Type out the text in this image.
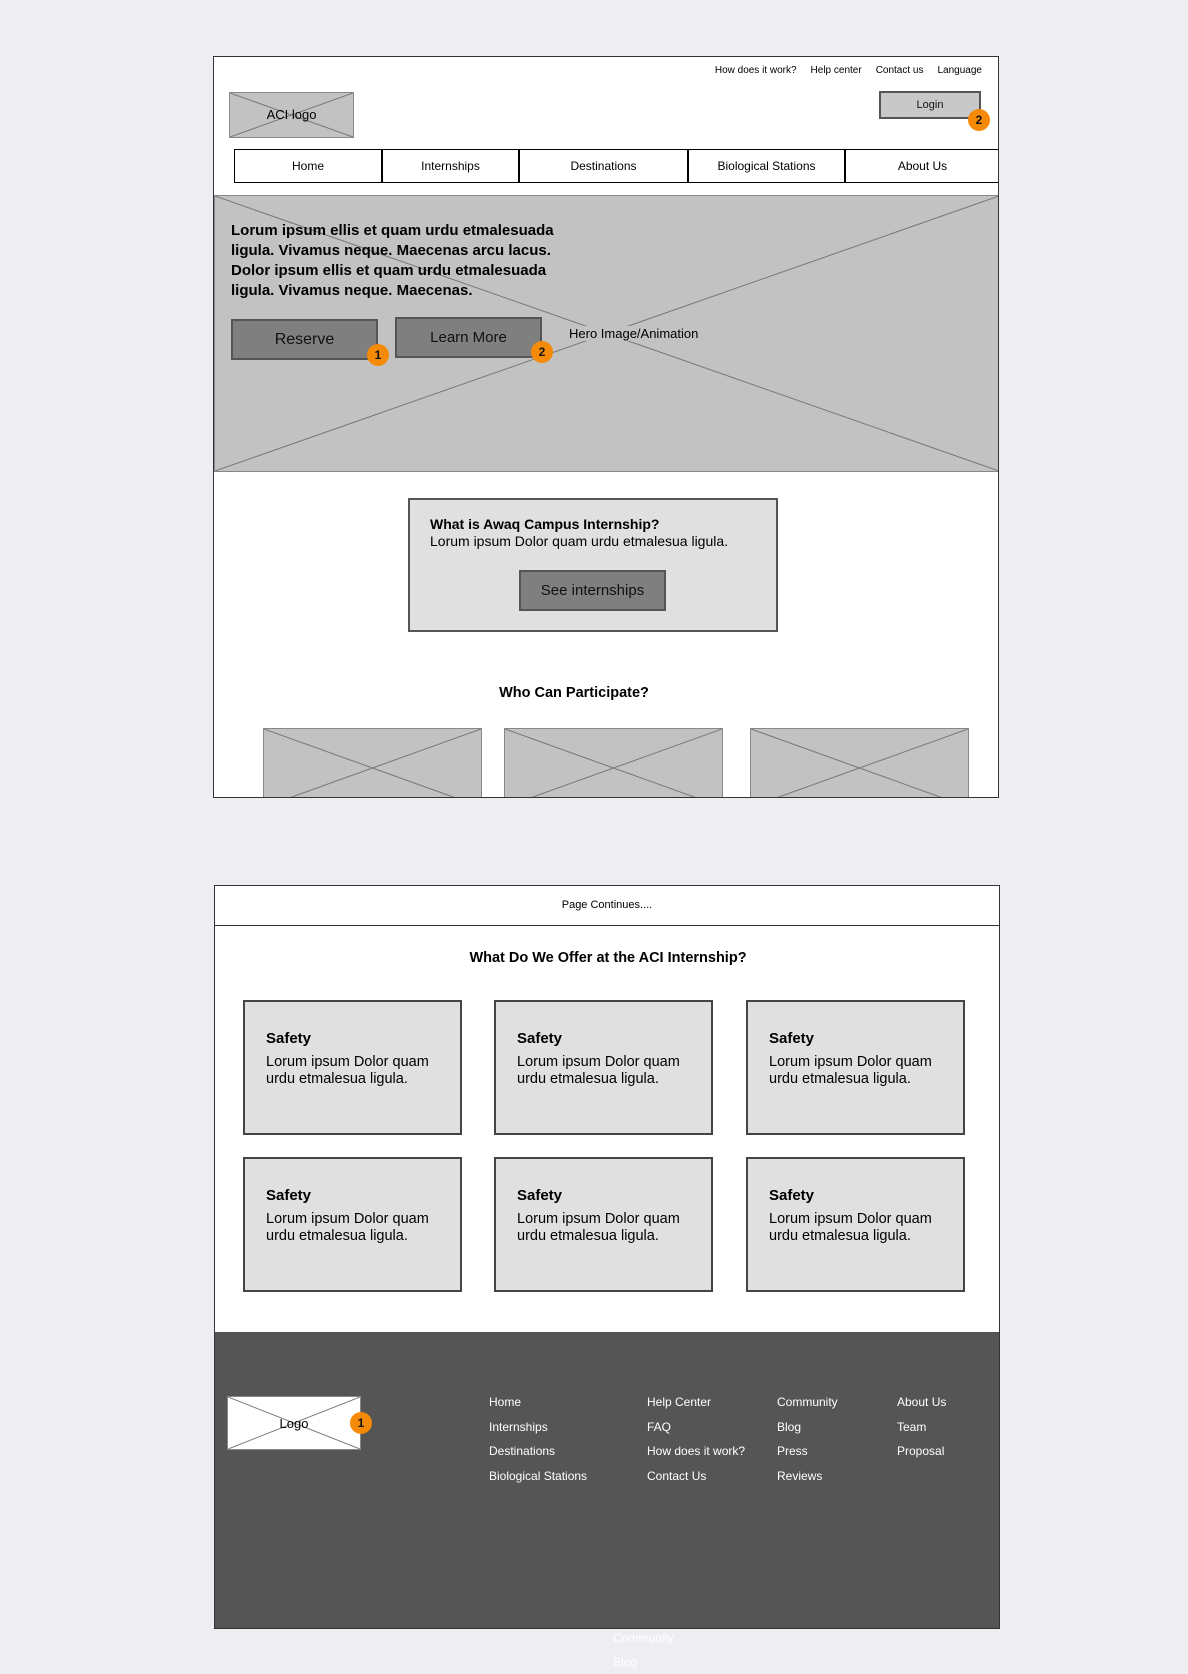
How does it work? Help center Contact us Language
ACI logo
Login
2
Home	Internships	Destinations	Biological Stations	About Us
Lorum ipsum ellis et quam urdu etmalesuada ligula. Vivamus neque. Maecenas arcu lacus. Dolor ipsum ellis et quam urdu etmalesuada ligula. Vivamus neque. Maecenas.
Reserve
1
Learn More
2
Hero Image/Animation
What is Awaq Campus Internship?
Lorum ipsum Dolor quam urdu etmalesua ligula.
See internships
Who Can Participate?
Page Continues....
What Do We Offer at the ACI Internship?
Safety
Lorum ipsum Dolor quam urdu etmalesua ligula.
Safety
Lorum ipsum Dolor quam urdu etmalesua ligula.
Safety
Lorum ipsum Dolor quam urdu etmalesua ligula.
Safety
Lorum ipsum Dolor quam urdu etmalesua ligula.
Safety
Lorum ipsum Dolor quam urdu etmalesua ligula.
Safety
Lorum ipsum Dolor quam urdu etmalesua ligula.
Logo	1
Home
Internships
Destinations
Biological Stations
Help Center
FAQ
How does it work?
Contact Us
Community
Blog
Press
Reviews
About Us
Team
Proposal
Community
Blog
